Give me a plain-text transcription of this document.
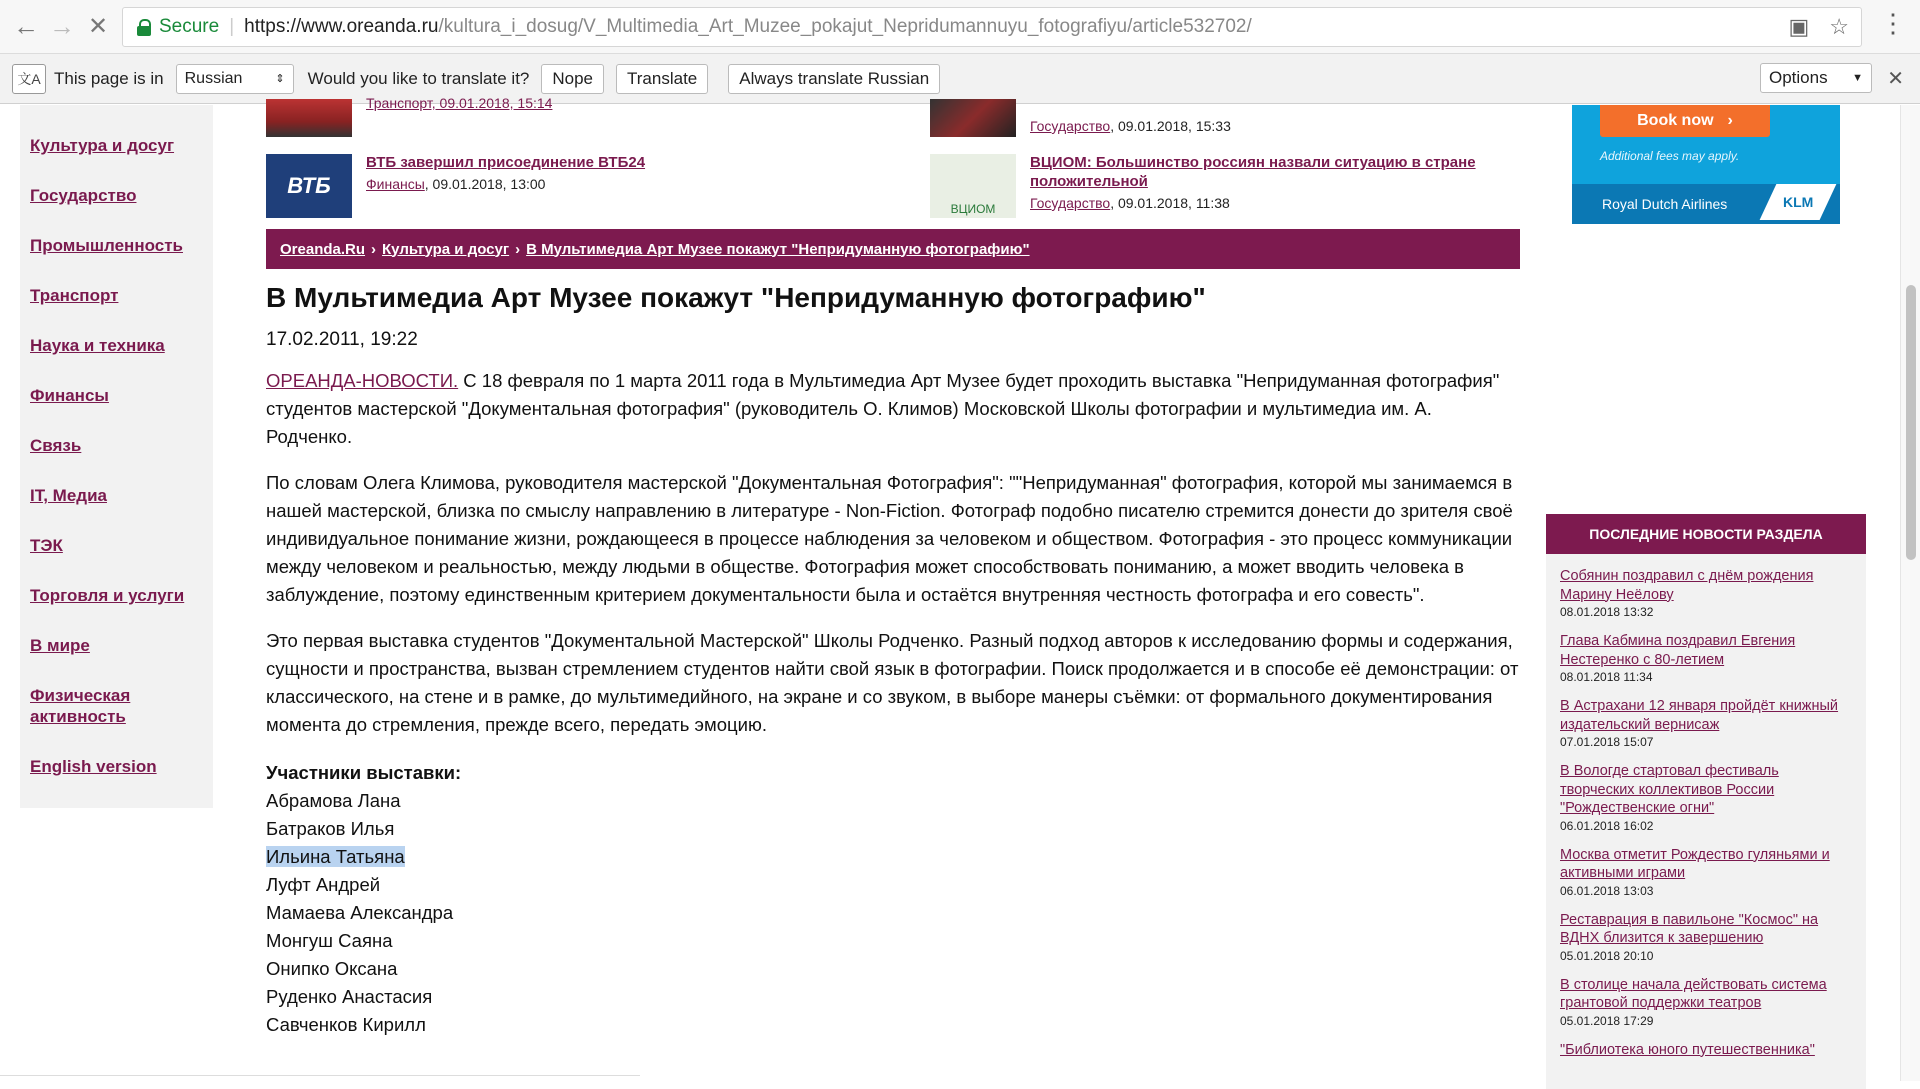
← → ✕	Secure | https://www.oreanda.ru /kultura_i_dosug/V_Multimedia_Art_Muzee_pokajut_Nepridumannuyu_fotografiyu/article532702/	▣ ☆ ⋮
文A This page is in Russian	⇕ Would you like to translate it?	Nope	Translate	Always translate Russian	Options ▼ ✕
Культура и досуг
Государство
Промышленность
Транспорт
Наука и техника
Финансы
Связь
IT, Медиа
ТЭК
Торговля и услуги
В мире
Физическая активность
English version
Транспорт, 09.01.2018, 15:14
Государство, 09.01.2018, 15:33
ВТБ
ВТБ завершил присоединение ВТБ24
Финансы, 09.01.2018, 13:00
ВЦИОМ
ВЦИОМ: Большинство россиян назвали ситуацию в стране положительной
Государство, 09.01.2018, 11:38
Oreanda.Ru › Культура и досуг › В Мультимедиа Арт Музее покажут "Непридуманную фотографию"
В Мультимедиа Арт Музее покажут "Непридуманную фотографию"
17.02.2011, 19:22

ОРЕАНДА-НОВОСТИ. С 18 февраля по 1 марта 2011 года в Мультимедиа Арт Музее будет проходить выставка "Непридуманная фотография" студентов мастерской "Документальная фотография" (руководитель О. Климов) Московской Школы фотографии и мультимедиа им. А. Родченко.

По словам Олега Климова, руководителя мастерской "Документальная Фотография": ""Непридуманная" фотография, которой мы занимаемся в нашей мастерской, близка по смыслу направлению в литературе - Non-Fiction. Фотограф подобно писателю стремится донести до зрителя своё индивидуальное понимание жизни, рождающееся в процессе наблюдения за человеком и обществом. Фотография - это процесс коммуникации между человеком и реальностью, между людьми в обществе. Фотография может способствовать пониманию, а может вводить человека в заблуждение, поэтому единственным критерием документальности была и остаётся внутренняя честность фотографа и его совесть".

Это первая выставка студентов "Документальной Мастерской" Школы Родченко. Разный подход авторов к исследованию формы и содержания, сущности и пространства, вызван стремлением студентов найти свой язык в фотографии. Поиск продолжается и в способе её демонстрации: от классического, на стене и в рамке, до мультимедийного, на экране и со звуком, в выборе манеры съёмки: от формального документирования момента до стремления, прежде всего, передать эмоцию.

Участники выставки:
Абрамова Лана
Батраков Илья
Ильина Татьяна
Луфт Андрей
Мамаева Александра
Монгуш Саяна
Онипко Оксана
Руденко Анастасия
Савченков Кирилл
Book now ›
Additional fees may apply.
Royal Dutch Airlines	KLM
ПОСЛЕДНИЕ НОВОСТИ РАЗДЕЛА
Собянин поздравил с днём рождения Марину Неёлову
08.01.2018 13:32
Глава Кабмина поздравил Евгения Нестеренко с 80-летием
08.01.2018 11:34
В Астрахани 12 января пройдёт книжный издательский вернисаж
07.01.2018 15:07
В Вологде стартовал фестиваль творческих коллективов России "Рождественские огни"
06.01.2018 16:02
Москва отметит Рождество гуляньями и активными играми
06.01.2018 13:03
Реставрация в павильоне "Космос" на ВДНХ близится к завершению
05.01.2018 20:10
В столице начала действовать система грантовой поддержки театров
05.01.2018 17:29
"Библиотека юного путешественника"
